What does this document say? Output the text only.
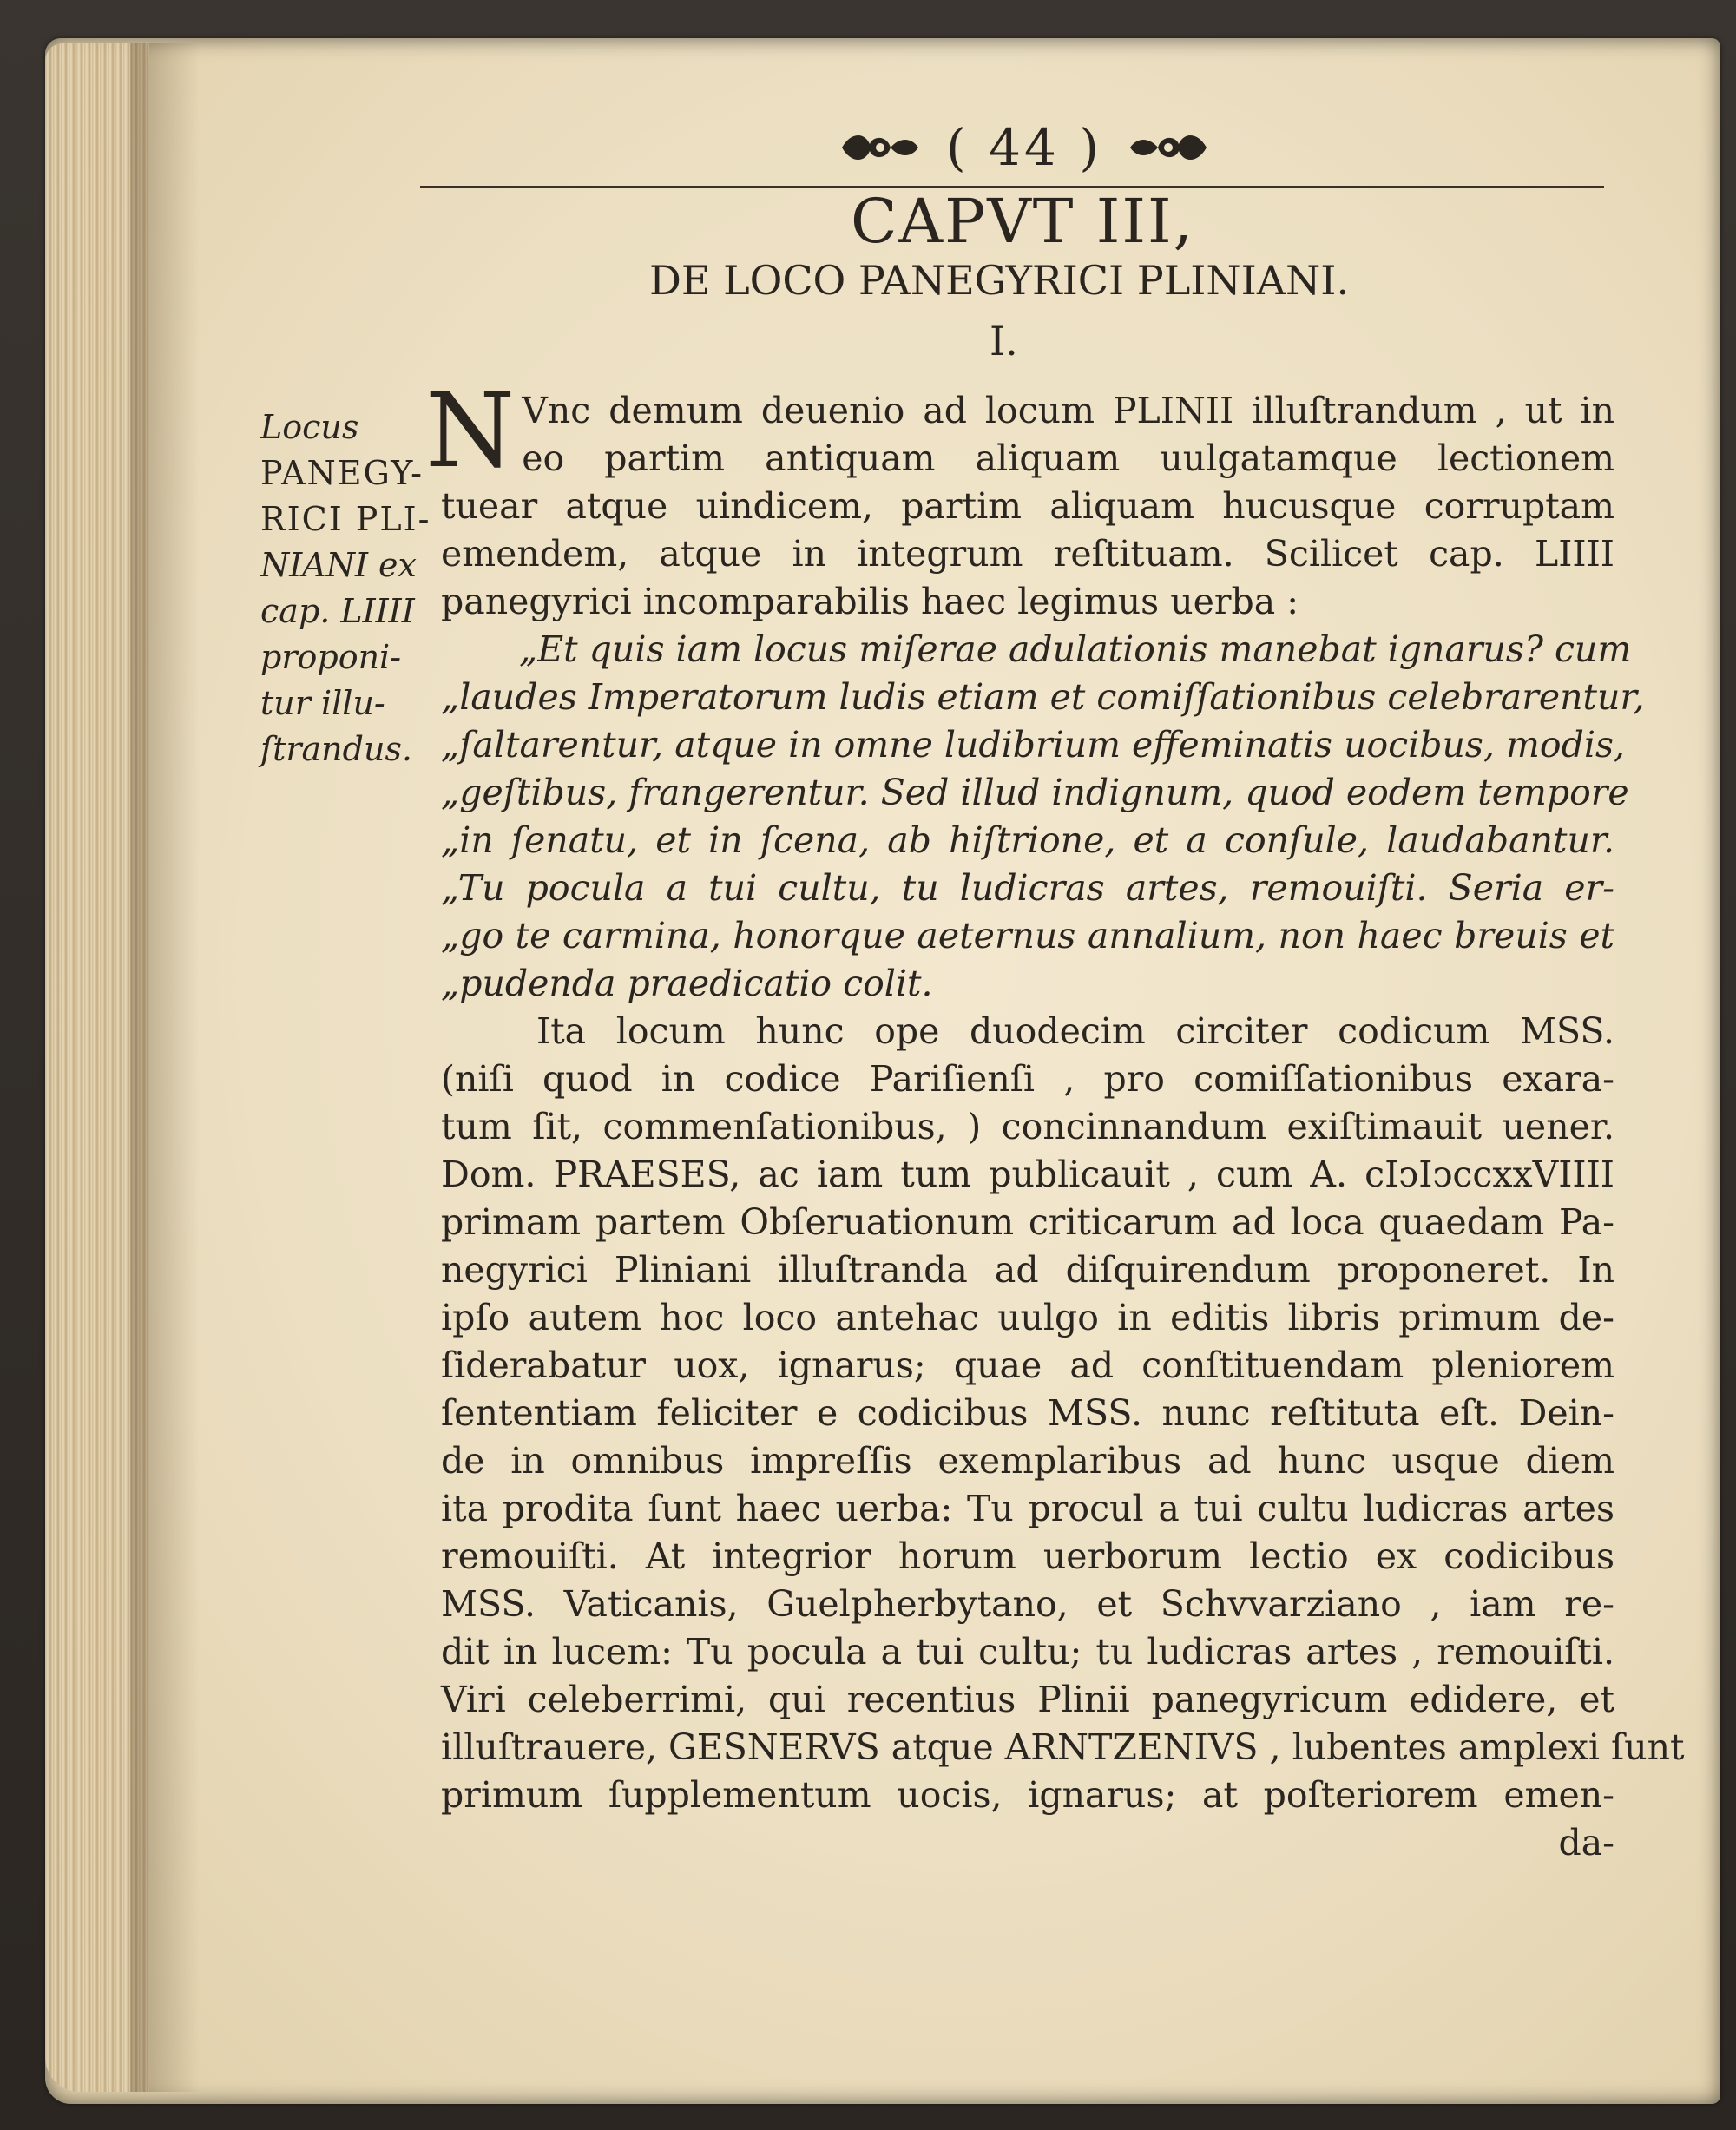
( 44 )
CAPVT III,
DE LOCO PANEGYRICI PLINIANI.
I.
Locus
PANEGY-
RICI PLI-
NIANI ex
cap. LIIII
proponi-
tur illu-
ſtrandus.
N Vnc demum deuenio ad locum PLINII illuſtrandum , ut in
eo partim antiquam aliquam uulgatamque lectionem
tuear atque uindicem, partim aliquam hucusque corruptam
emendem, atque in integrum reſtituam. Scilicet cap. LIIII
panegyrici incomparabilis haec legimus uerba :
„Et quis iam locus miſerae adulationis manebat ignarus? cum
„laudes Imperatorum ludis etiam et comiſſationibus celebrarentur,
„ſaltarentur, atque in omne ludibrium effeminatis uocibus, modis,
„geſtibus, frangerentur. Sed illud indignum, quod eodem tempore
„in ſenatu, et in ſcena, ab hiſtrione, et a conſule, laudabantur.
„Tu pocula a tui cultu, tu ludicras artes, remouiſti. Seria er-
„go te carmina, honorque aeternus annalium, non haec breuis et
„pudenda praedicatio colit.
Ita locum hunc ope duodecim circiter codicum MSS.
(niſi quod in codice Pariſienſi , pro comiſſationibus exara-
tum ſit, commenſationibus, ) concinnandum exiſtimauit uener.
Dom. PRAESES, ac iam tum publicauit , cum A. cIↄIↄccxxVIIII
primam partem Obſeruationum criticarum ad loca quaedam Pa-
negyrici Pliniani illuſtranda ad diſquirendum proponeret. In
ipſo autem hoc loco antehac uulgo in editis libris primum de-
ſiderabatur uox, ignarus; quae ad conſtituendam pleniorem
ſententiam feliciter e codicibus MSS. nunc reſtituta eſt. Dein-
de in omnibus impreſſis exemplaribus ad hunc usque diem
ita prodita ſunt haec uerba: Tu procul a tui cultu ludicras artes
remouiſti. At integrior horum uerborum lectio ex codicibus
MSS. Vaticanis, Guelpherbytano, et Schvvarziano , iam re-
dit in lucem: Tu pocula a tui cultu; tu ludicras artes , remouiſti.
Viri celeberrimi, qui recentius Plinii panegyricum edidere, et
illuſtrauere, GESNERVS atque ARNTZENIVS , lubentes amplexi ſunt
primum ſupplementum uocis, ignarus; at poſteriorem emen-
da-
